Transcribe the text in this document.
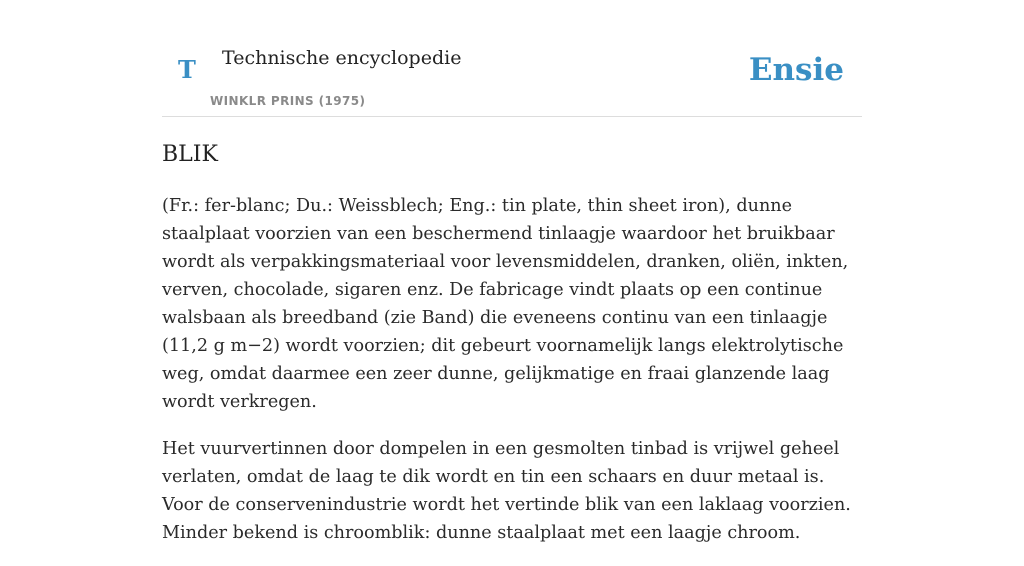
T Technische encyclopedie
WINKLR PRINS (1975)
Ensie
BLIK

(Fr.: fer-blanc; Du.: Weissblech; Eng.: tin plate, thin sheet iron), dunne staalplaat voorzien van een beschermend tinlaagje waardoor het bruikbaar wordt als verpakkingsmateriaal voor levensmiddelen, dranken, oliën, inkten, verven, chocolade, sigaren enz. De fabricage vindt plaats op een continue walsbaan als breedband (zie Band) die eveneens continu van een tinlaagje (11,2 g m−2) wordt voorzien; dit gebeurt voornamelijk langs elektrolytische weg, omdat daarmee een zeer dunne, gelijkmatige en fraai glanzende laag wordt verkregen.

Het vuurvertinnen door dompelen in een gesmolten tinbad is vrijwel geheel verlaten, omdat de laag te dik wordt en tin een schaars en duur metaal is. Voor de conservenindustrie wordt het vertinde blik van een laklaag voorzien. Minder bekend is chroomblik: dunne staalplaat met een laagje chroom.
